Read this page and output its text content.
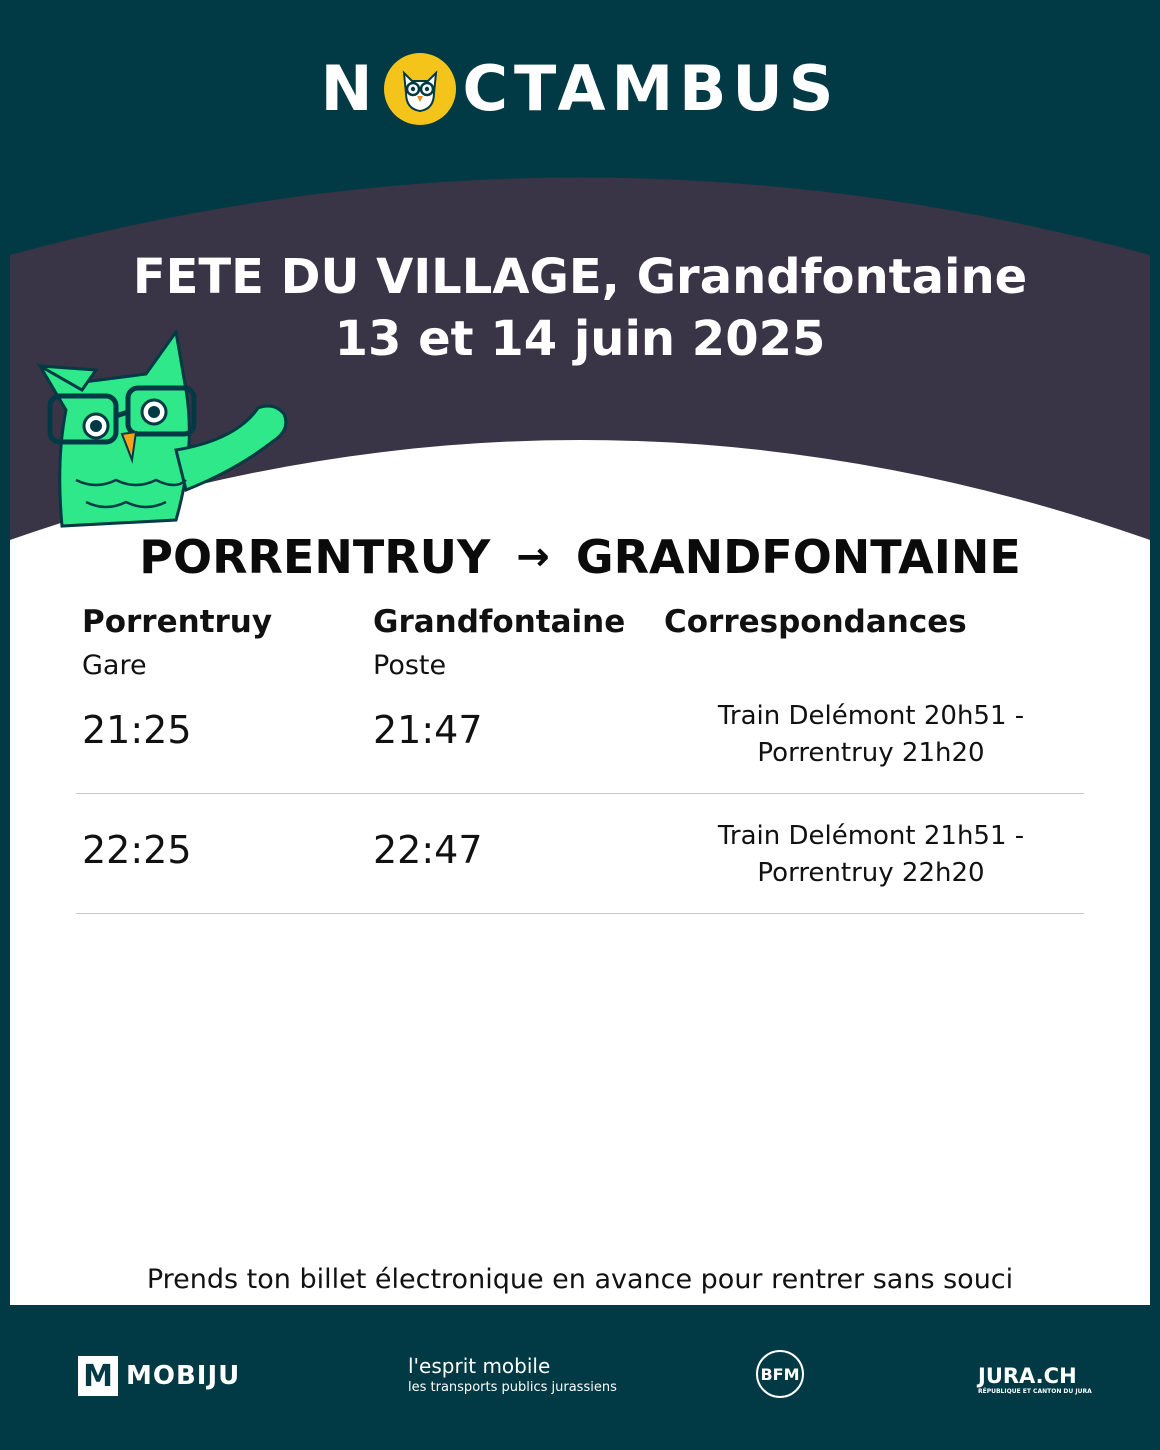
N CTAMBUS
FETE DU VILLAGE, Grandfontaine
13 et 14 juin 2025
PORRENTRUY → GRANDFONTAINE
Porrentruy	Grandfontaine Correspondances
Gare	Poste
21:25	21:47	Train Delémont 20h51 -
Porrentruy 21h20
22:25	22:47	Train Delémont 21h51 -
Porrentruy 22h20
Prends ton billet électronique en avance pour rentrer sans souci
M MOBIJU	l'esprit mobile
les transports publics jurassiens
BFM	JURA.CH
RÉPUBLIQUE ET CANTON DU JURA
